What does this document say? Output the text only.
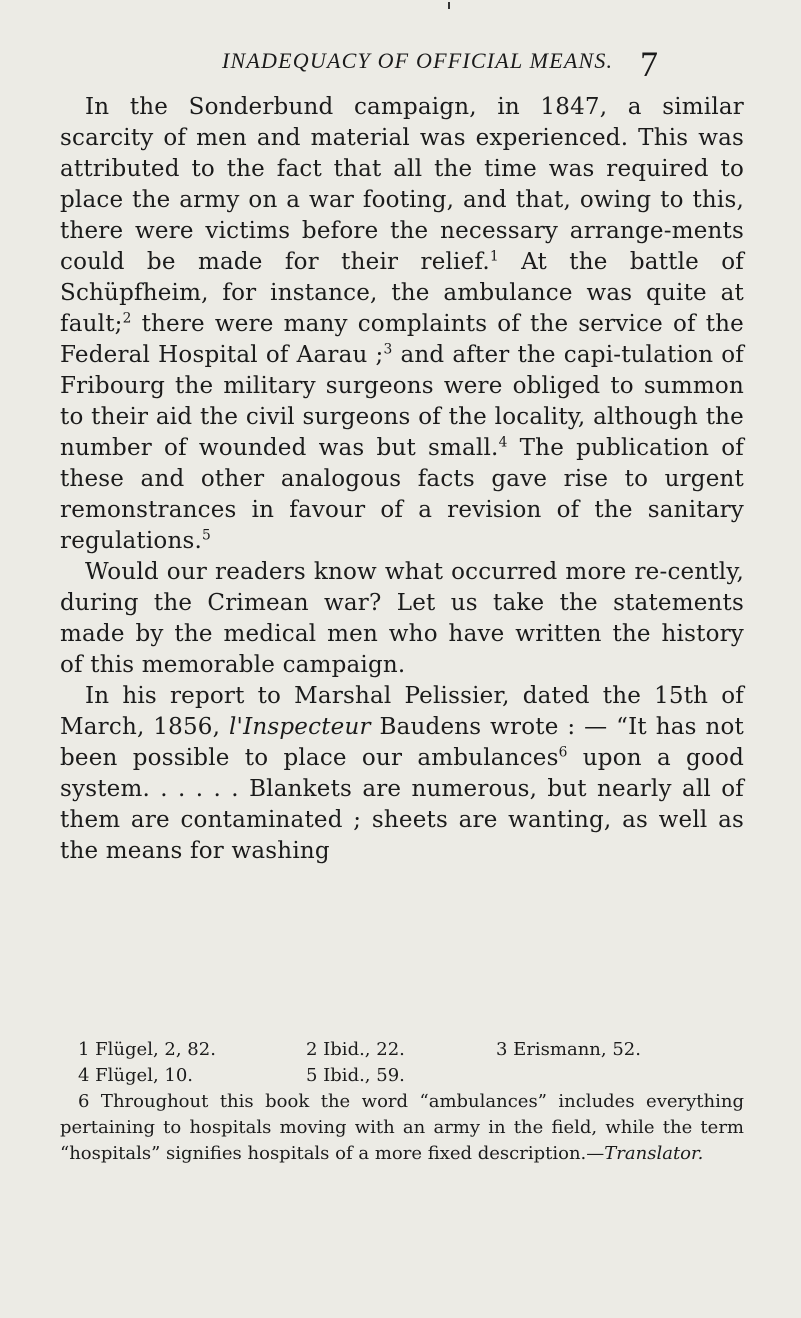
INADEQUACY OF OFFICIAL MEANS. 7

In the Sonderbund campaign, in 1847, a similar scarcity of men and material was experienced. This was attributed to the fact that all the time was required to place the army on a war footing, and that, owing to this, there were victims before the necessary arrange-ments could be made for their relief.$^1$ At the battle of Schüpfheim, for instance, the ambulance was quite at fault;$^2$ there were many complaints of the service of the Federal Hospital of Aarau ;$^3$ and after the capi-tulation of Fribourg the military surgeons were obliged to summon to their aid the civil surgeons of the locality, although the number of wounded was but small.$^4$ The publication of these and other analogous facts gave rise to urgent remonstrances in favour of a revision of the sanitary regulations.$^5$

Would our readers know what occurred more re-cently, during the Crimean war? Let us take the statements made by the medical men who have written the history of this memorable campaign.

In his report to Marshal Pelissier, dated the 15th of March, 1856, l'Inspecteur Baudens wrote : — “It has not been possible to place our ambulances$^6$ upon a good system. . . . . . Blankets are numerous, but nearly all of them are contaminated ; sheets are wanting, as well as the means for washing

1 Flügel, 2, 82.	2 Ibid., 22.	3 Erismann, 52.
4 Flügel, 10.	5 Ibid., 59.
6 Throughout this book the word “ambulances” includes everything pertaining to hospitals moving with an army in the field, while the term “hospitals” signifies hospitals of a more fixed description.—Translator.
